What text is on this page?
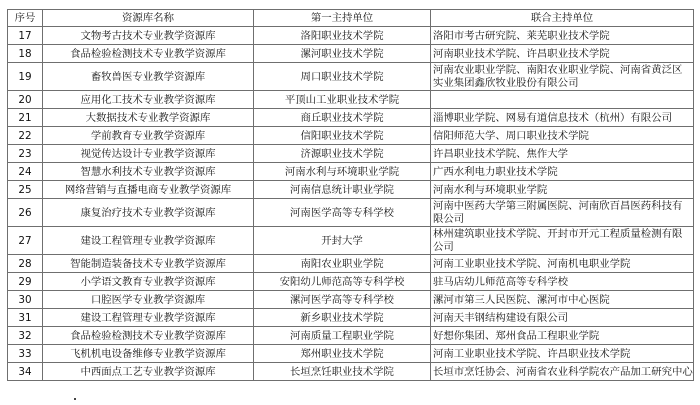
序号	资源库名称	第一主持单位	联合主持单位
17	文物考古技术专业教学资源库	洛阳职业技术学院	洛阳市考古研究院、莱芜职业技术学院
18	食品检验检测技术专业教学资源库	漯河职业技术学院	河南职业技术学院、许昌职业技术学院
19	畜牧兽医专业教学资源库	周口职业技术学院	河南农业职业学院、南阳农业职业学院、河南省黄泛区实业集团鑫欣牧业股份有限公司
20	应用化工技术专业教学资源库	平顶山工业职业技术学院	
21	大数据技术专业教学资源库	商丘职业技术学院	淄博职业学院、网易有道信息技术（杭州）有限公司
22	学前教育专业教学资源库	信阳职业技术学院	信阳师范大学、周口职业技术学院
23	视觉传达设计专业教学资源库	济源职业技术学院	许昌职业技术学院、焦作大学
24	智慧水利技术专业教学资源库	河南水利与环境职业学院	广西水利电力职业技术学院
25	网络营销与直播电商专业教学资源库	河南信息统计职业学院	河南水利与环境职业学院
26	康复治疗技术专业教学资源库	河南医学高等专科学校	河南中医药大学第三附属医院、河南欣百昌医药科技有限公司
27	建设工程管理专业教学资源库	开封大学	林州建筑职业技术学院、开封市开元工程质量检测有限公司
28	智能制造装备技术专业教学资源库	南阳农业职业学院	河南工业职业技术学院、河南机电职业学院
29	小学语文教育专业教学资源库	安阳幼儿师范高等专科学校	驻马店幼儿师范高等专科学校
30	口腔医学专业教学资源库	漯河医学高等专科学校	漯河市第三人民医院、漯河市中心医院
31	建设工程管理专业教学资源库	新乡职业技术学院	河南天丰钢结构建设有限公司
32	食品检验检测技术专业教学资源库	河南质量工程职业学院	好想你集团、郑州食品工程职业学院
33	飞机机电设备维修专业教学资源库	郑州职业技术学院	河南工业职业技术学院、许昌职业技术学院
34	中西面点工艺专业教学资源库	长垣烹饪职业技术学院	长垣市烹饪协会、河南省农业科学院农产品加工研究中心
